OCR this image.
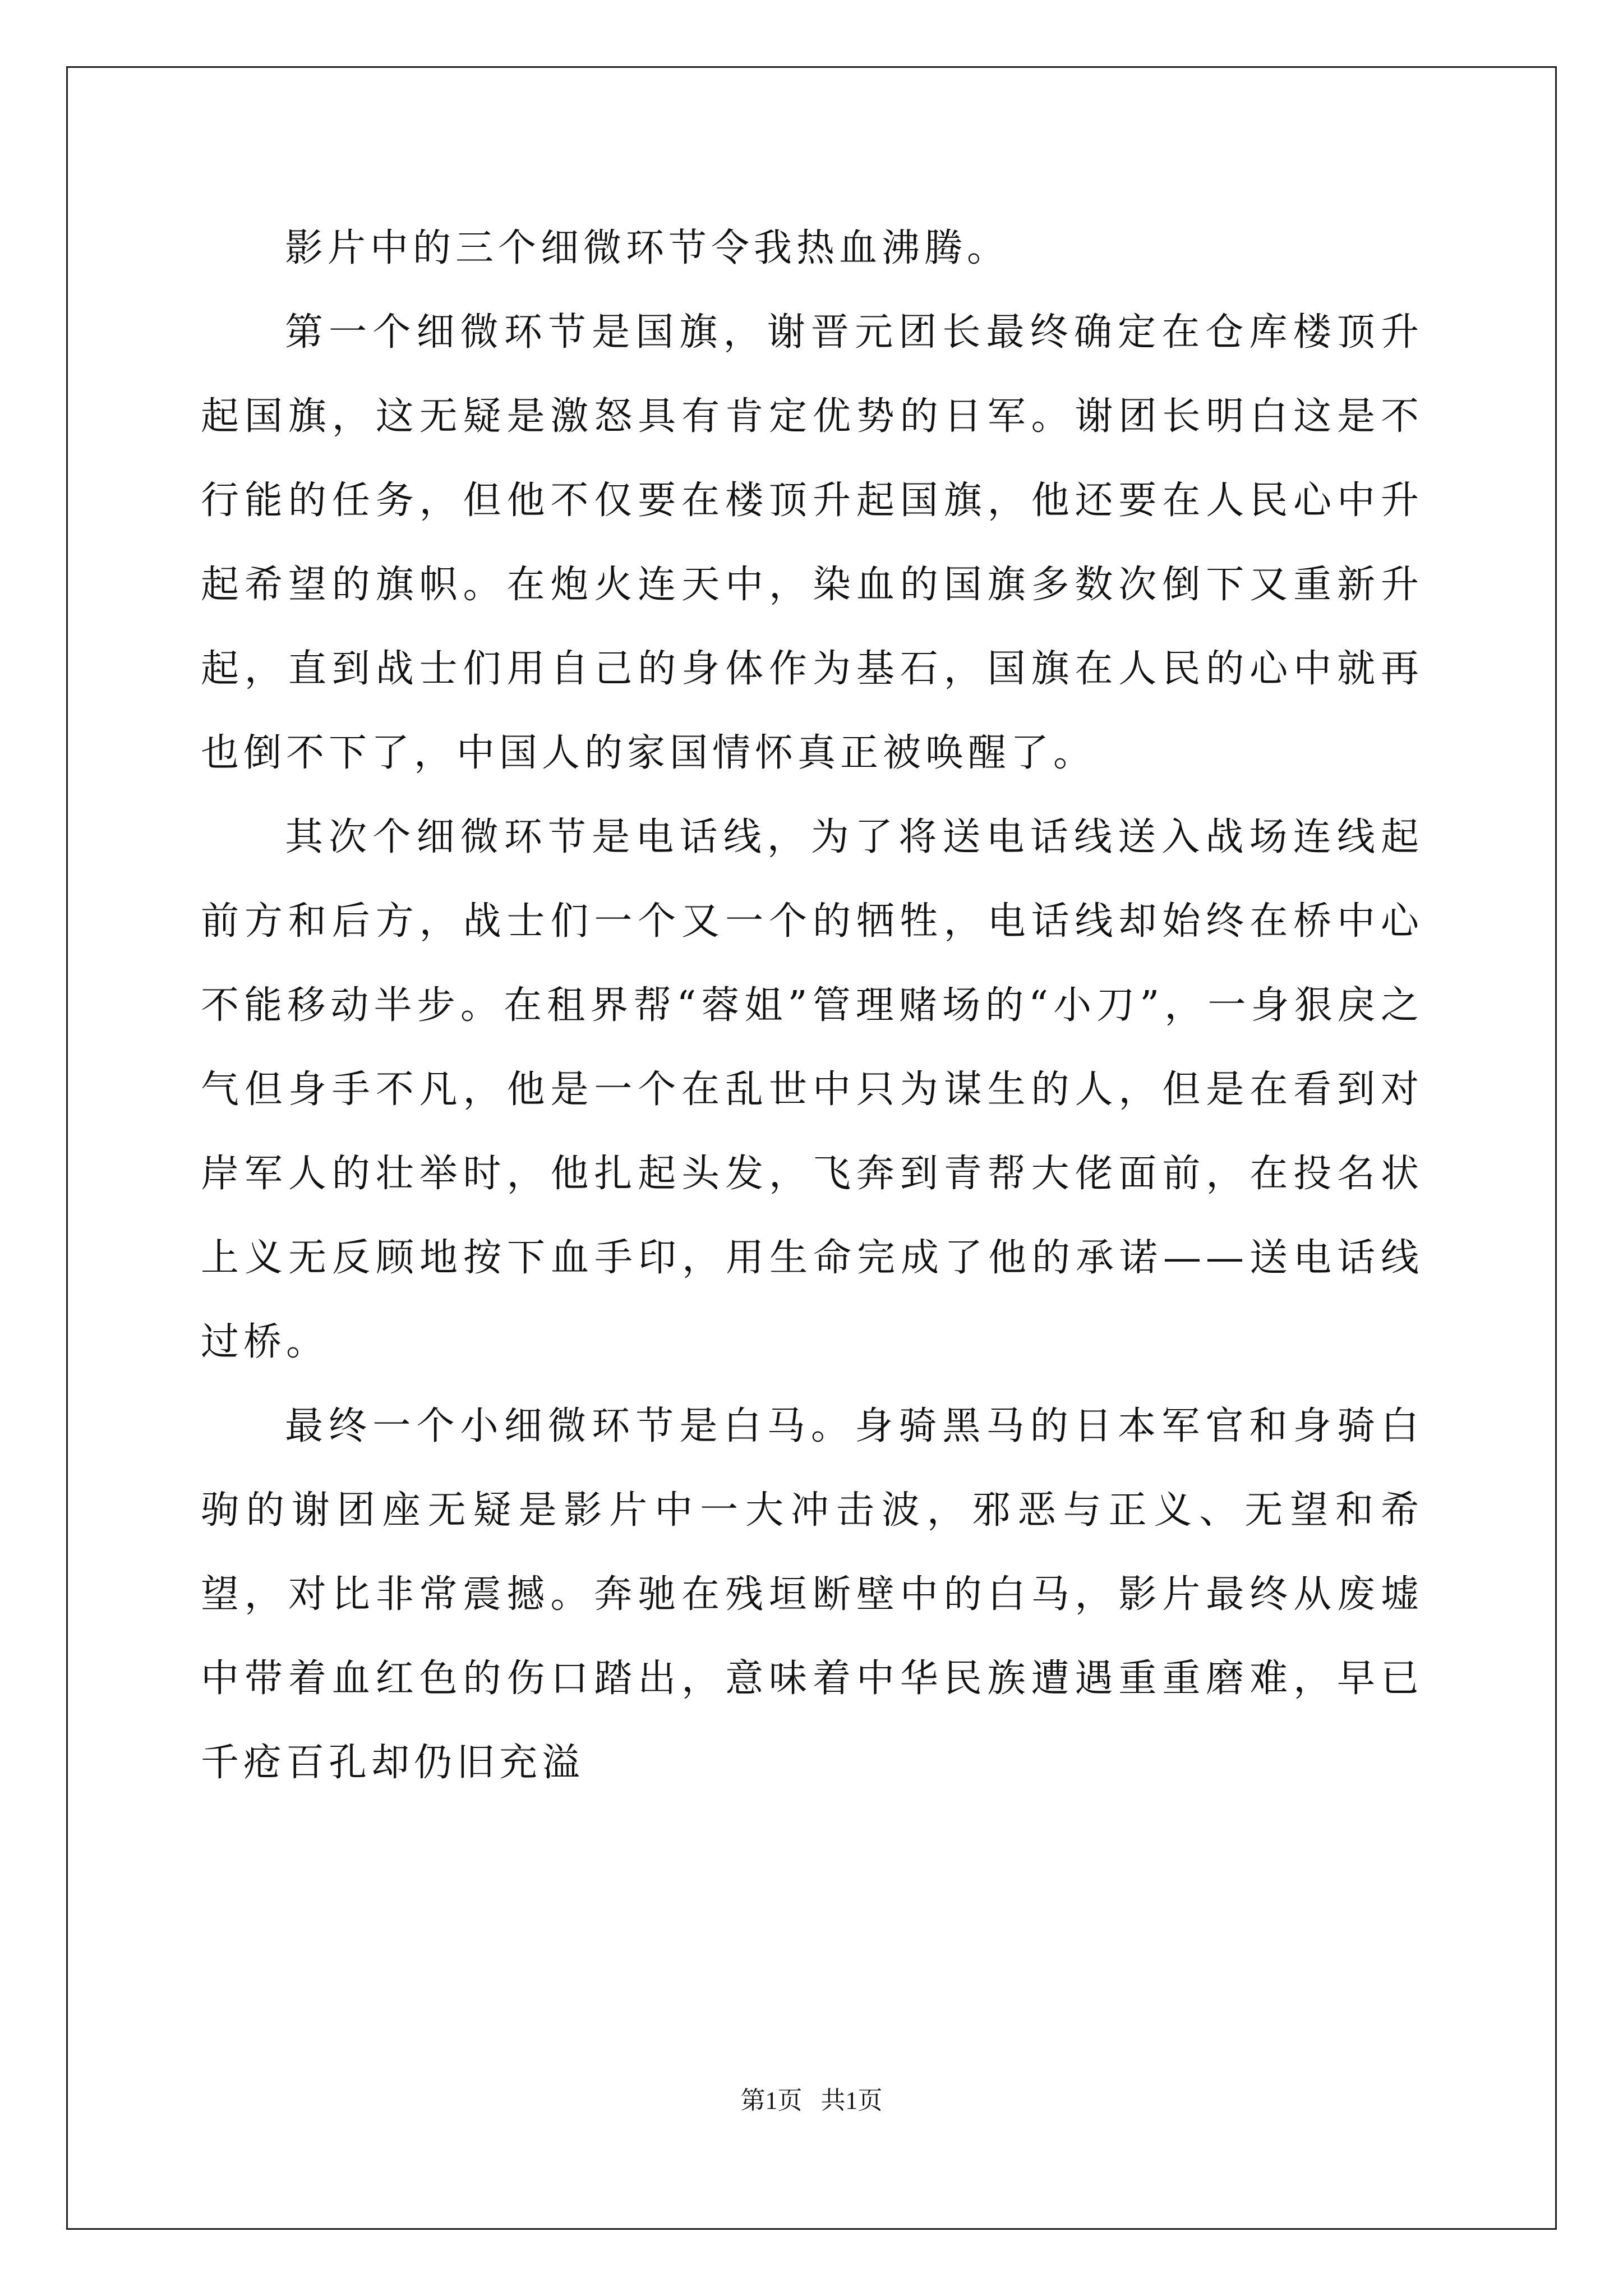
影片中的三个细微环节令我热血沸腾。

第一个细微环节是国旗，谢晋元团长最终确定在仓库楼顶升起国旗，这无疑是激怒具有肯定优势的日军。谢团长明白这是不行能的任务，但他不仅要在楼顶升起国旗，他还要在人民心中升起希望的旗帜。在炮火连天中，染血的国旗多数次倒下又重新升起，直到战士们用自己的身体作为基石，国旗在人民的心中就再也倒不下了，中国人的家国情怀真正被唤醒了。

其次个细微环节是电话线，为了将送电话线送入战场连线起前方和后方，战士们一个又一个的牺牲，电话线却始终在桥中心不能移动半步。在租界帮“蓉姐”管理赌场的“小刀”，一身狠戾之气但身手不凡，他是一个在乱世中只为谋生的人，但是在看到对岸军人的壮举时，他扎起头发，飞奔到青帮大佬面前，在投名状上义无反顾地按下血手印，用生命完成了他的承诺——送电话线过桥。

最终一个小细微环节是白马。身骑黑马的日本军官和身骑白驹的谢团座无疑是影片中一大冲击波，邪恶与正义、无望和希望，对比非常震撼。奔驰在残垣断壁中的白马，影片最终从废墟中带着血红色的伤口踏出，意味着中华民族遭遇重重磨难，早已千疮百孔却仍旧充溢

第1页   共1页
